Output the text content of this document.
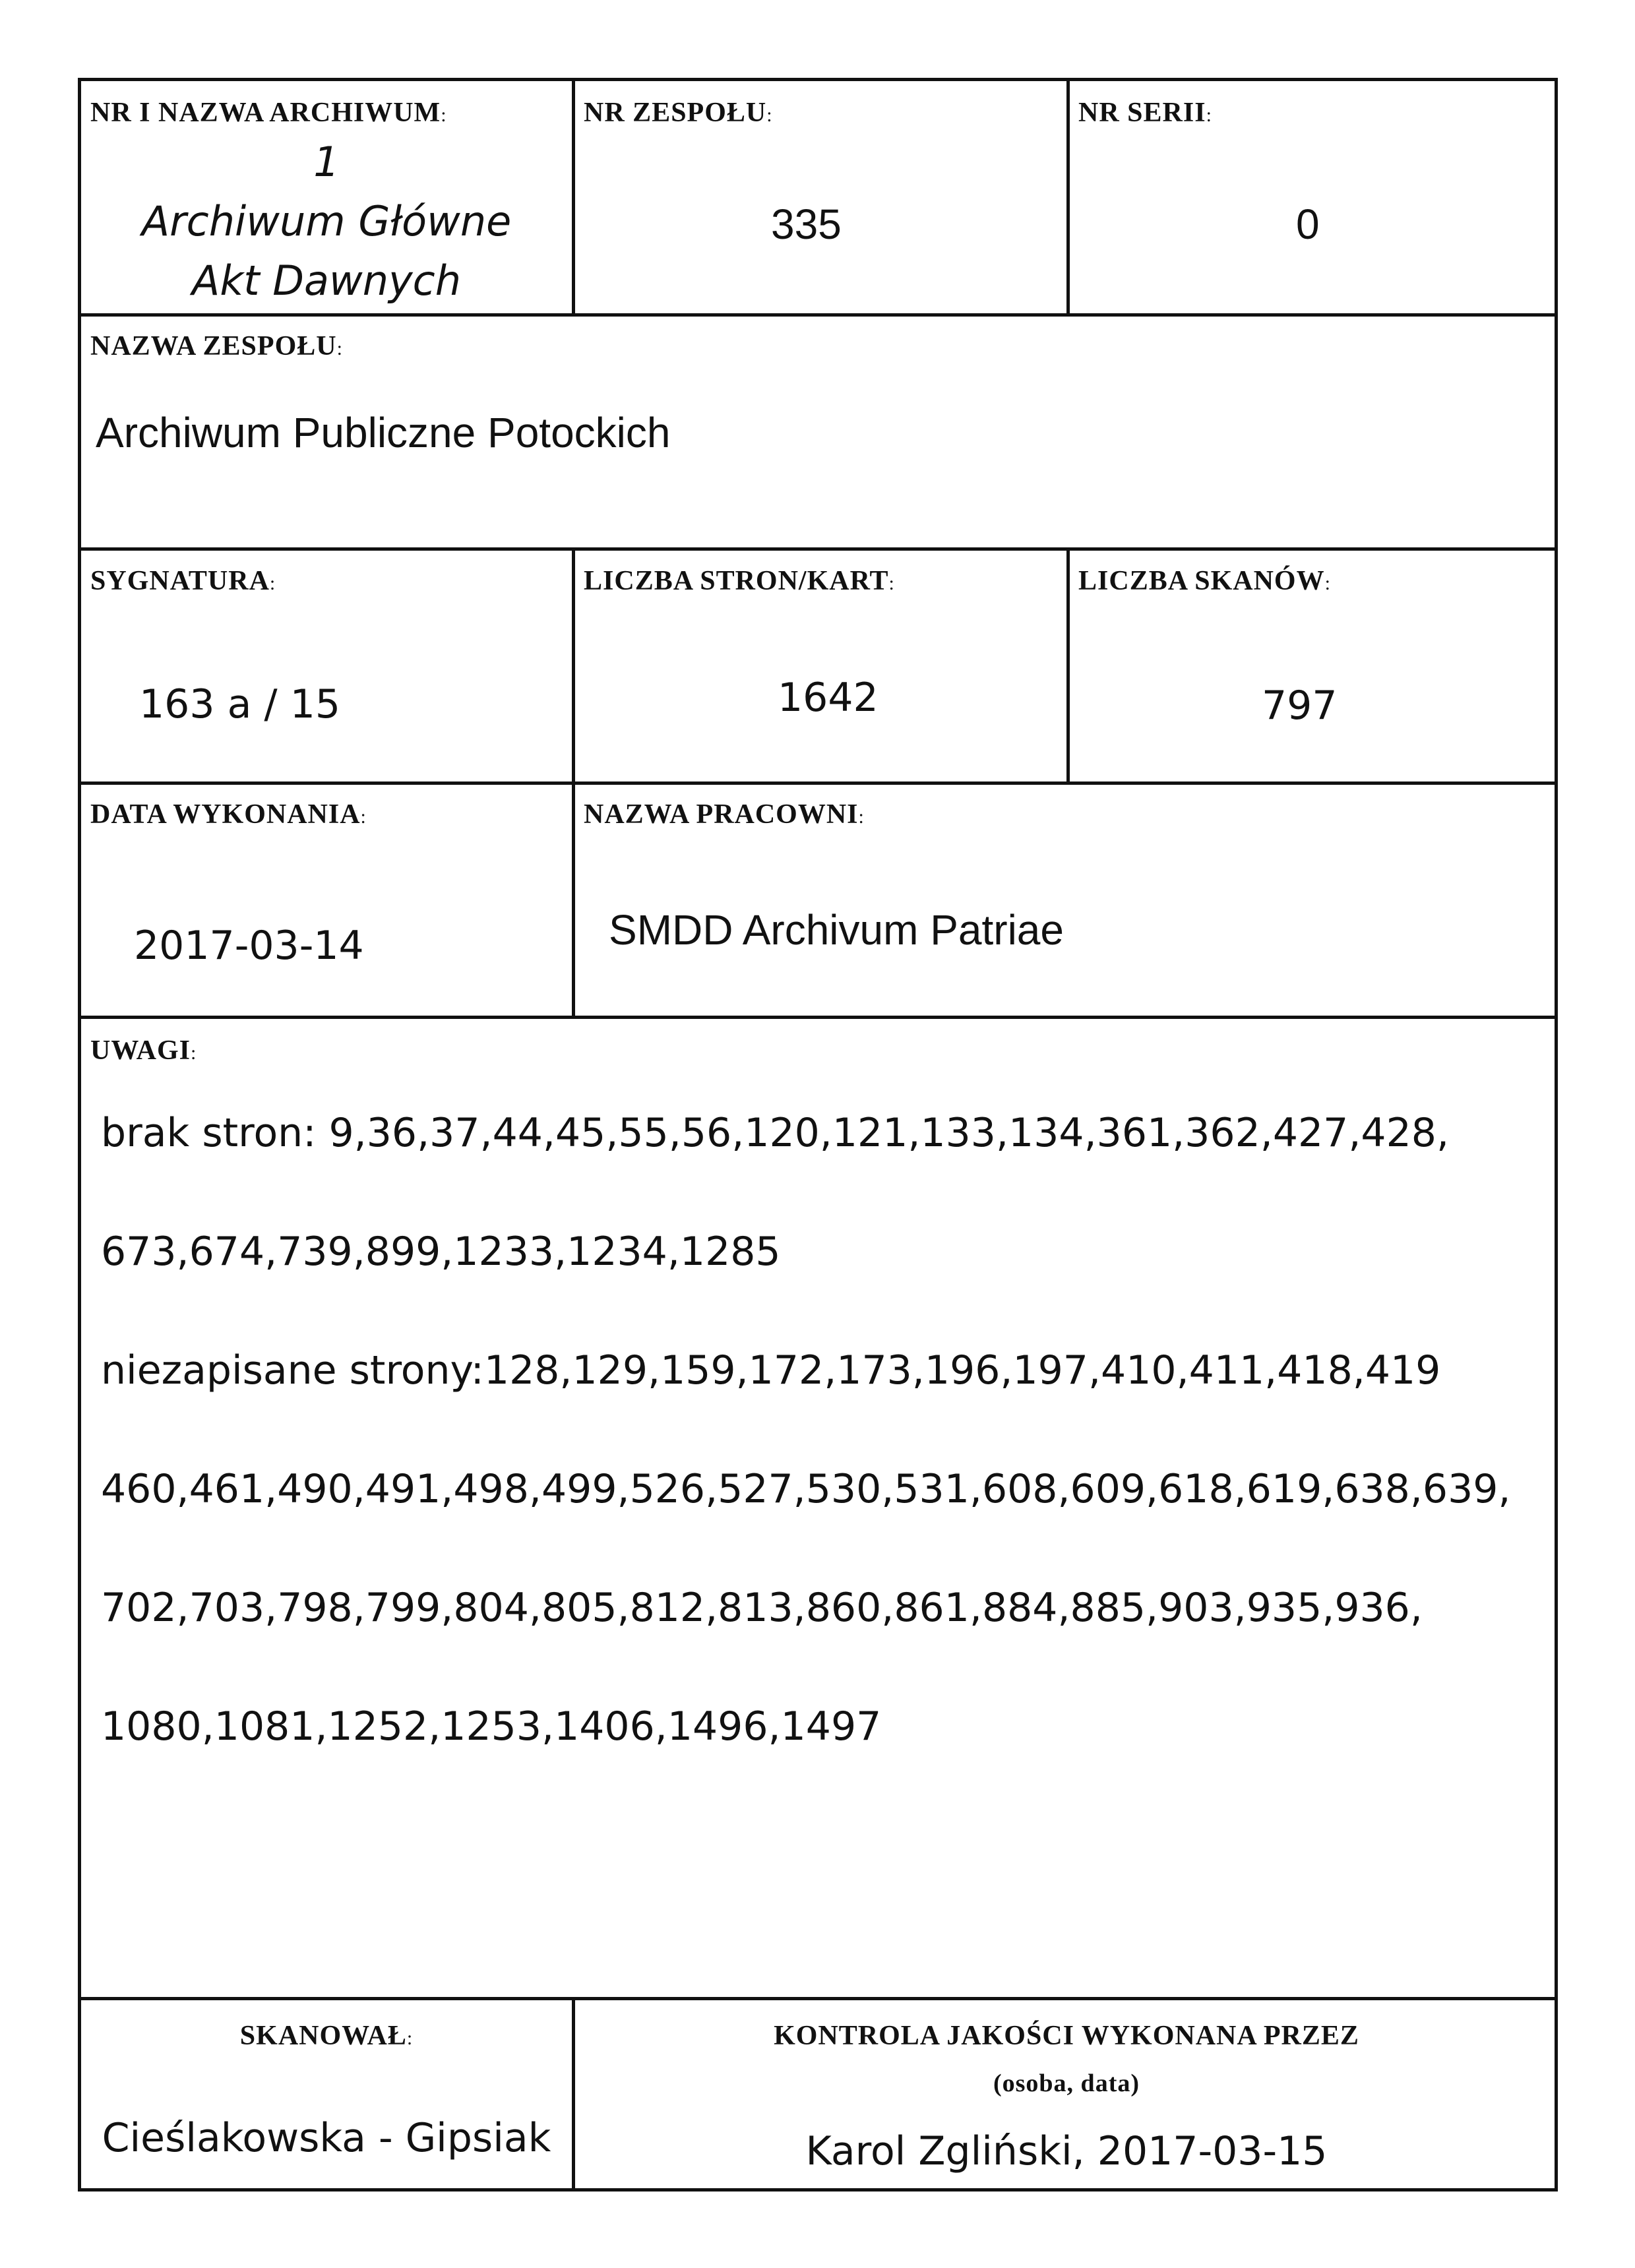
NR I NAZWA ARCHIWUM:
1
Archiwum Główne
Akt Dawnych
NR ZESPOŁU:
335
NR SERII:
0
NAZWA ZESPOŁU:
Archiwum Publiczne Potockich
SYGNATURA:
163 a / 15
LICZBA STRON/KART:
1642
LICZBA SKANÓW:
797
DATA WYKONANIA:
2017-03-14
NAZWA PRACOWNI:
SMDD Archivum Patriae
UWAGI:
brak stron: 9,36,37,44,45,55,56,120,121,133,134,361,362,427,428,
673,674,739,899,1233,1234,1285
niezapisane strony:128,129,159,172,173,196,197,410,411,418,419
460,461,490,491,498,499,526,527,530,531,608,609,618,619,638,639,
702,703,798,799,804,805,812,813,860,861,884,885,903,935,936,
1080,1081,1252,1253,1406,1496,1497
SKANOWAŁ:
Cieślakowska - Gipsiak
KONTROLA JAKOŚCI WYKONANA PRZEZ
(osoba, data)
Karol Zgliński, 2017-03-15
